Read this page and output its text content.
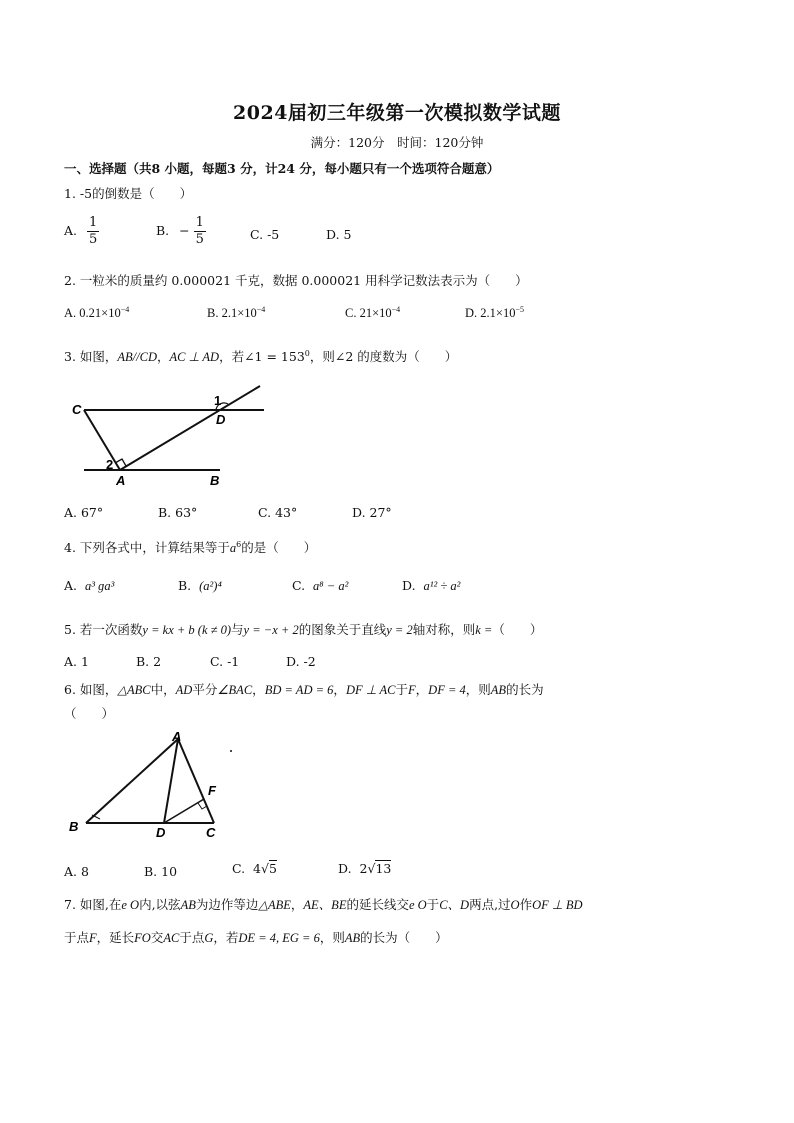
2024届初三年级第一次模拟数学试题
满分：120分　时间：120分钟
一、选择题（共8 小题，每题3 分，计24 分，每小题只有一个选项符合题意）
1. -5的倒数是（　　）
A. $\frac{1}{5}$	B. − $\frac{1}{5}$	C. -5	D. 5
2. 一粒米的质量约 0.000021 千克，数据 0.000021 用科学记数法表示为（　　）
A. $0.21\times 10^{-4}$	B. $2.1\times 10^{-4}$	C. $21\times 10^{-4}$	D. $2.1\times 10^{-5}$
3. 如图，AB//CD，AC ⊥ AD，若∠1 = $153^0$，则∠2 的度数为（　　）
C
D
A	B
1
2
A. 67°	B. 63°	C. 43°	D. 27°
4. 下列各式中，计算结果等于$a^6$的是（　　）
A. a³ ɡa³	B. (a²)⁴	C. a⁸ − a²	D. a¹² ÷ a²
5. 若一次函数y = kx + b (k ≠ 0)与y = −x + 2的图象关于直线y = 2轴对称，则k =（　　）
A. 1	B. 2	C. -1	D. -2
6. 如图，△ABC中，AD平分∠BAC，BD = AD = 6，DF ⊥ AC于F，DF = 4，则AB的长为
（　　）
A
B	C
D
F
A. 8	B. 10	C. 4√5	D. 2√13
7. 如图,在e O内,以弦AB为边作等边△ABE，AE、BE的延长线交e O于C、D两点,过O作OF ⊥ BD
于点F，延长FO交AC于点G，若DE = 4, EG = 6，则AB的长为（　　）
